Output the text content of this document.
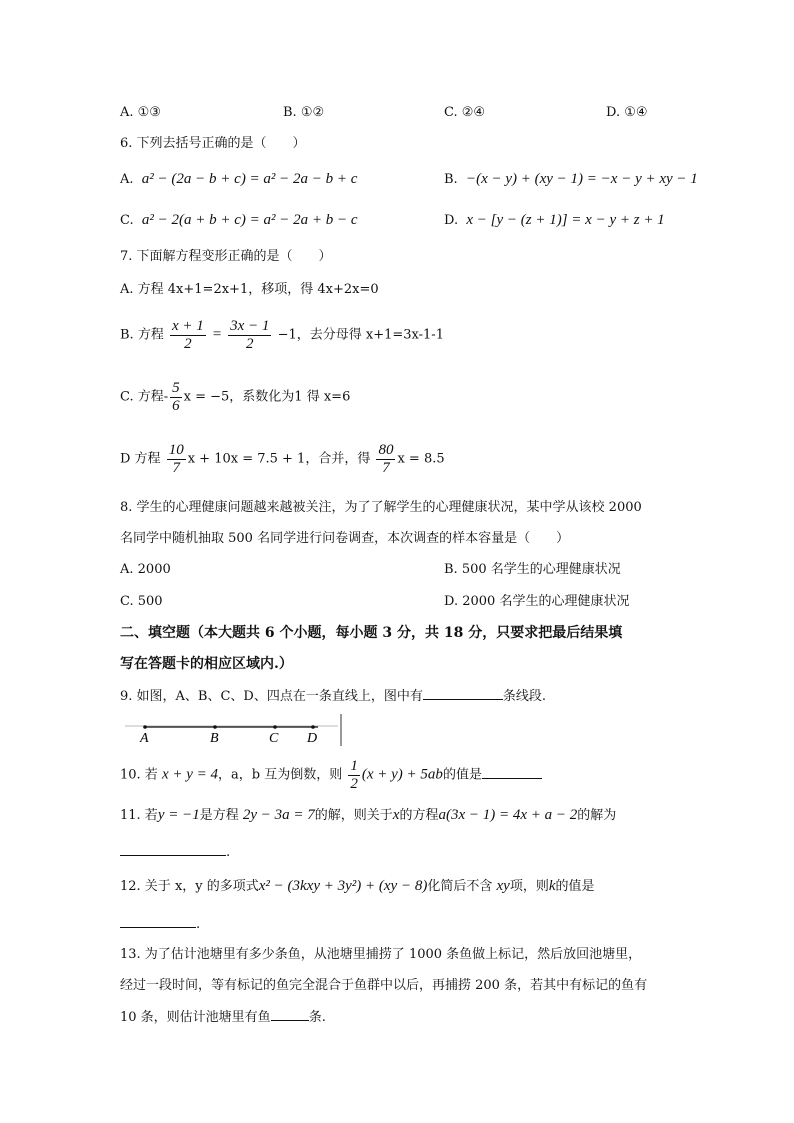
A. ①③	B. ①②	C. ②④	D. ①④
6. 下列去括号正确的是（　　）
A. a² − (2a − b + c) = a² − 2a − b + c	B. −(x − y) + (xy − 1) = −x − y + xy − 1
C. a² − 2(a + b + c) = a² − 2a + b − c	D. x − [y − (z + 1)] = x − y + z + 1
7. 下面解方程变形正确的是（　　）
A. 方程 4x+1=2x+1，移项，得 4x+2x=0
B. 方程 $\frac{x + 1}{2} = \frac{3x - 1}{2} -1$，去分母得 x+1=3x-1-1
C. 方程- $\frac{5}{6}$ x = −5，系数化为1 得 x=6
D 方程 $\frac{10}{7}$ x + 10x = 7.5 + 1，合并，得 $\frac{80}{7}$ x = 8.5
8. 学生的心理健康问题越来越被关注，为了了解学生的心理健康状况，某中学从该校 2000
名同学中随机抽取 500 名同学进行问卷调查，本次调查的样本容量是（　　）
A. 2000	B. 500 名学生的心理健康状况
C. 500	D. 2000 名学生的心理健康状况
二、填空题（本大题共 6 个小题，每小题 3 分，共 18 分，只要求把最后结果填
写在答题卡的相应区域内.）
9. 如图，A、B、C、D、四点在一条直线上，图中有	条线段.
A	B	C D
10. 若 x + y = 4，a，b 互为倒数，则 $\frac{1}{2} (x + y) + 5ab$的值是
11. 若y = −1是方程 2y − 3a = 7的解，则关于x的方程a(3x − 1) = 4x + a − 2的解为
.
12. 关于 x，y 的多项式x² − (3kxy + 3y²) + (xy − 8)化简后不含 xy项，则k的值是
.
13. 为了估计池塘里有多少条鱼，从池塘里捕捞了 1000 条鱼做上标记，然后放回池塘里，
经过一段时间，等有标记的鱼完全混合于鱼群中以后，再捕捞 200 条，若其中有标记的鱼有
10 条，则估计池塘里有鱼	条.
